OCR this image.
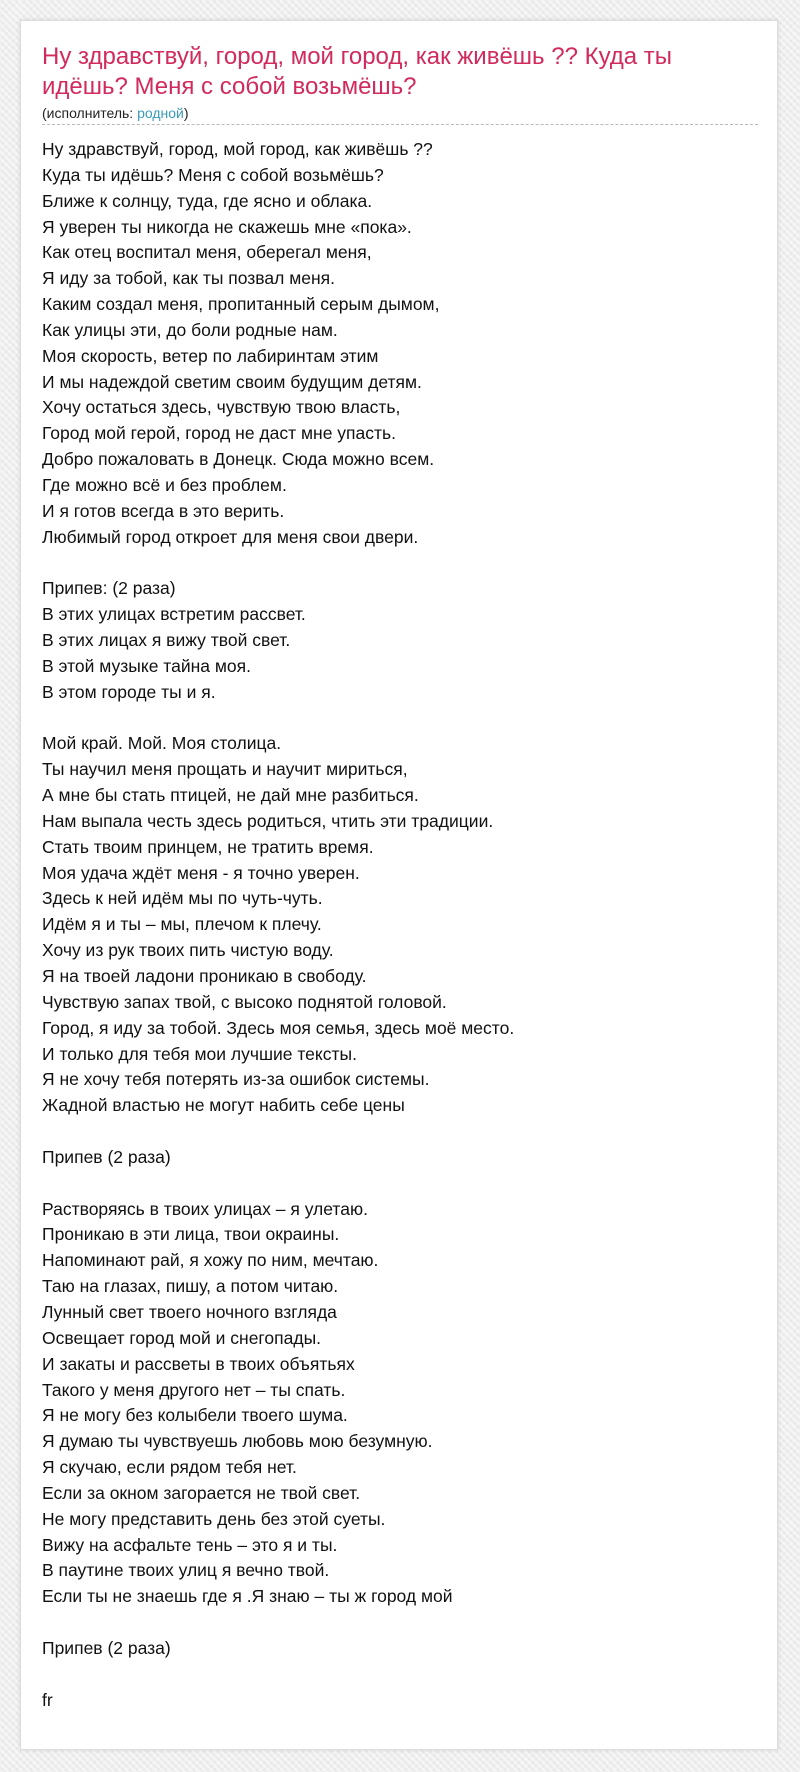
Ну здравствуй, город, мой город, как живёшь ?? Куда ты идёшь? Меня с собой возьмёшь?
(исполнитель: родной)
Ну здравствуй, город, мой город, как живёшь ??
Куда ты идёшь? Меня с собой возьмёшь?
Ближе к солнцу, туда, где ясно и облака.
Я уверен ты никогда не скажешь мне «пока».
Как отец воспитал меня, оберегал меня,
Я иду за тобой, как ты позвал меня.
Каким создал меня, пропитанный серым дымом,
Как улицы эти, до боли родные нам.
Моя скорость, ветер по лабиринтам этим
И мы надеждой светим своим будущим детям.
Хочу остаться здесь, чувствую твою власть,
Город мой герой, город не даст мне упасть.
Добро пожаловать в Донецк. Сюда можно всем.
Где можно всё и без проблем.
И я готов всегда в это верить.
Любимый город откроет для меня свои двери.
Припев: (2 раза)
В этих улицах встретим рассвет.
В этих лицах я вижу твой свет.
В этой музыке тайна моя.
В этом городе ты и я.
Мой край. Мой. Моя столица.
Ты научил меня прощать и научит мириться,
А мне бы стать птицей, не дай мне разбиться.
Нам выпала честь здесь родиться, чтить эти традиции.
Стать твоим принцем, не тратить время.
Моя удача ждёт меня - я точно уверен.
Здесь к ней идём мы по чуть-чуть.
Идём я и ты – мы, плечом к плечу.
Хочу из рук твоих пить чистую воду.
Я на твоей ладони проникаю в свободу.
Чувствую запах твой, с высоко поднятой головой.
Город, я иду за тобой. Здесь моя семья, здесь моё место.
И только для тебя мои лучшие тексты.
Я не хочу тебя потерять из-за ошибок системы.
Жадной властью не могут набить себе цены
Припев (2 раза)
Растворяясь в твоих улицах – я улетаю.
Проникаю в эти лица, твои окраины.
Напоминают рай, я хожу по ним, мечтаю.
Таю на глазах, пишу, а потом читаю.
Лунный свет твоего ночного взгляда
Освещает город мой и снегопады.
И закаты и рассветы в твоих объятьях
Такого у меня другого нет – ты спать.
Я не могу без колыбели твоего шума.
Я думаю ты чувствуешь любовь мою безумную.
Я скучаю, если рядом тебя нет.
Если за окном загорается не твой свет.
Не могу представить день без этой суеты.
Вижу на асфальте тень – это я и ты.
В паутине твоих улиц я вечно твой.
Если ты не знаешь где я .Я знаю – ты ж город мой
Припев (2 раза)
fr
